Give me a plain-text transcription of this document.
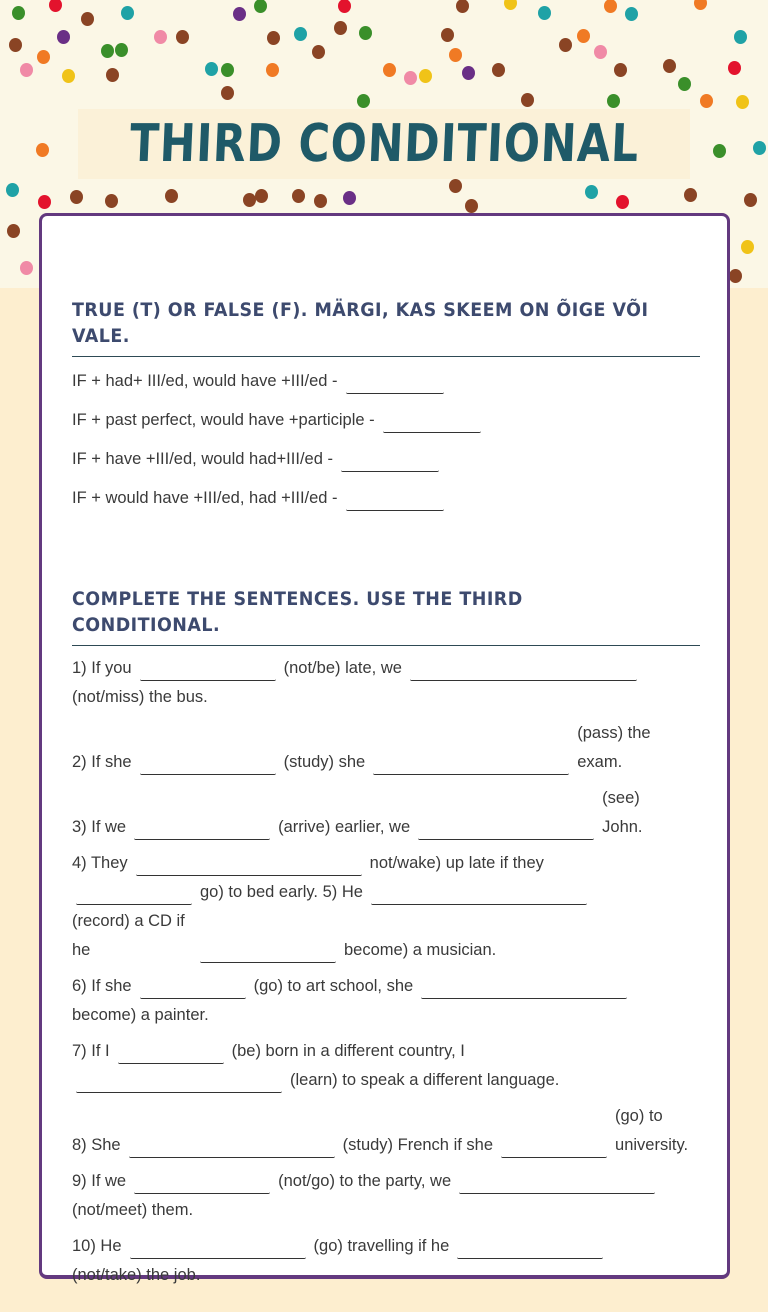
THIRD CONDITIONAL
TRUE (T) OR FALSE (F). MÄRGI, KAS SKEEM ON ÕIGE VÕI VALE.
IF + had+ III/ed, would have +III/ed -
IF + past perfect, would have +participle -
IF + have +III/ed, would had+III/ed -
IF + would have +III/ed, had +III/ed -
COMPLETE THE SENTENCES. USE THE THIRD CONDITIONAL.
1) If you	(not/be) late, we
(not/miss) the bus.
2) If she	(study) she(pass) the exam.
3) If we	(arrive) earlier, we(see) John.
4) They	not/wake) up late if they
go) to bed early. 5) He(record) a CD if he	become) a musician.
6) If she	(go) to art school, she
become) a painter.
7) If I	(be) born in a different country, I
(learn) to speak a different language.
8) She	(study) French if she(go) to university.
9) If we	(not/go) to the party, we
(not/meet) them.
10) He	(go) travelling if he
(not/take) the job.
